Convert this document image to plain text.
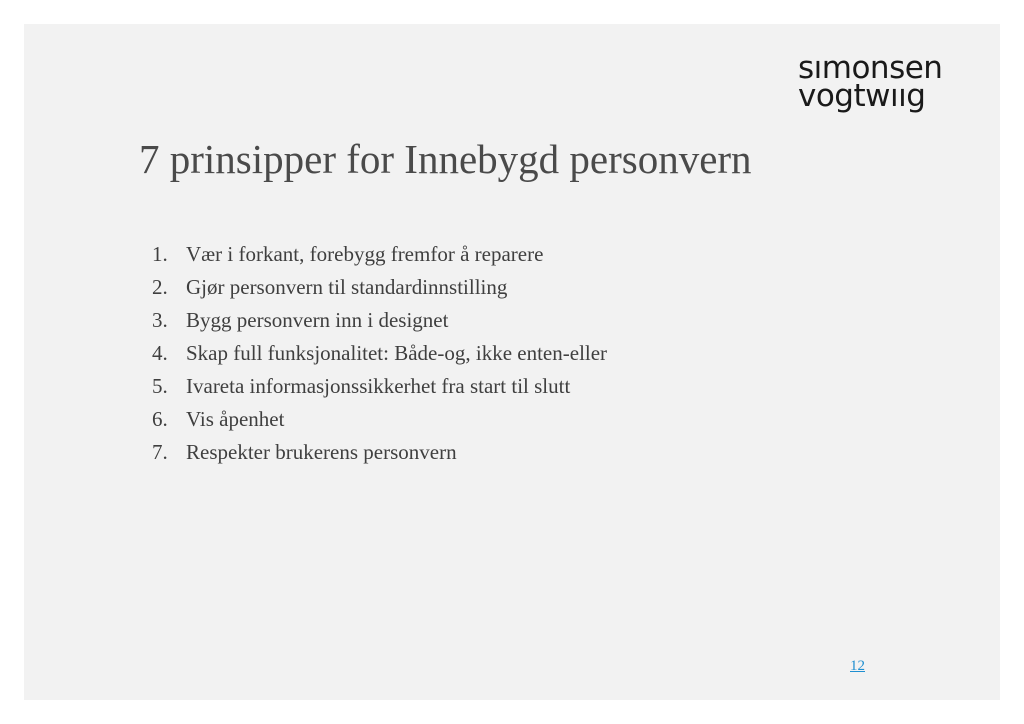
sımonsen
vogtwııg
7 prinsipper for Innebygd personvern
1. Vær i forkant, forebygg fremfor å reparere
2. Gjør personvern til standardinnstilling
3. Bygg personvern inn i designet
4. Skap full funksjonalitet: Både-og, ikke enten-eller
5. Ivareta informasjonssikkerhet fra start til slutt
6. Vis åpenhet
7. Respekter brukerens personvern
12
